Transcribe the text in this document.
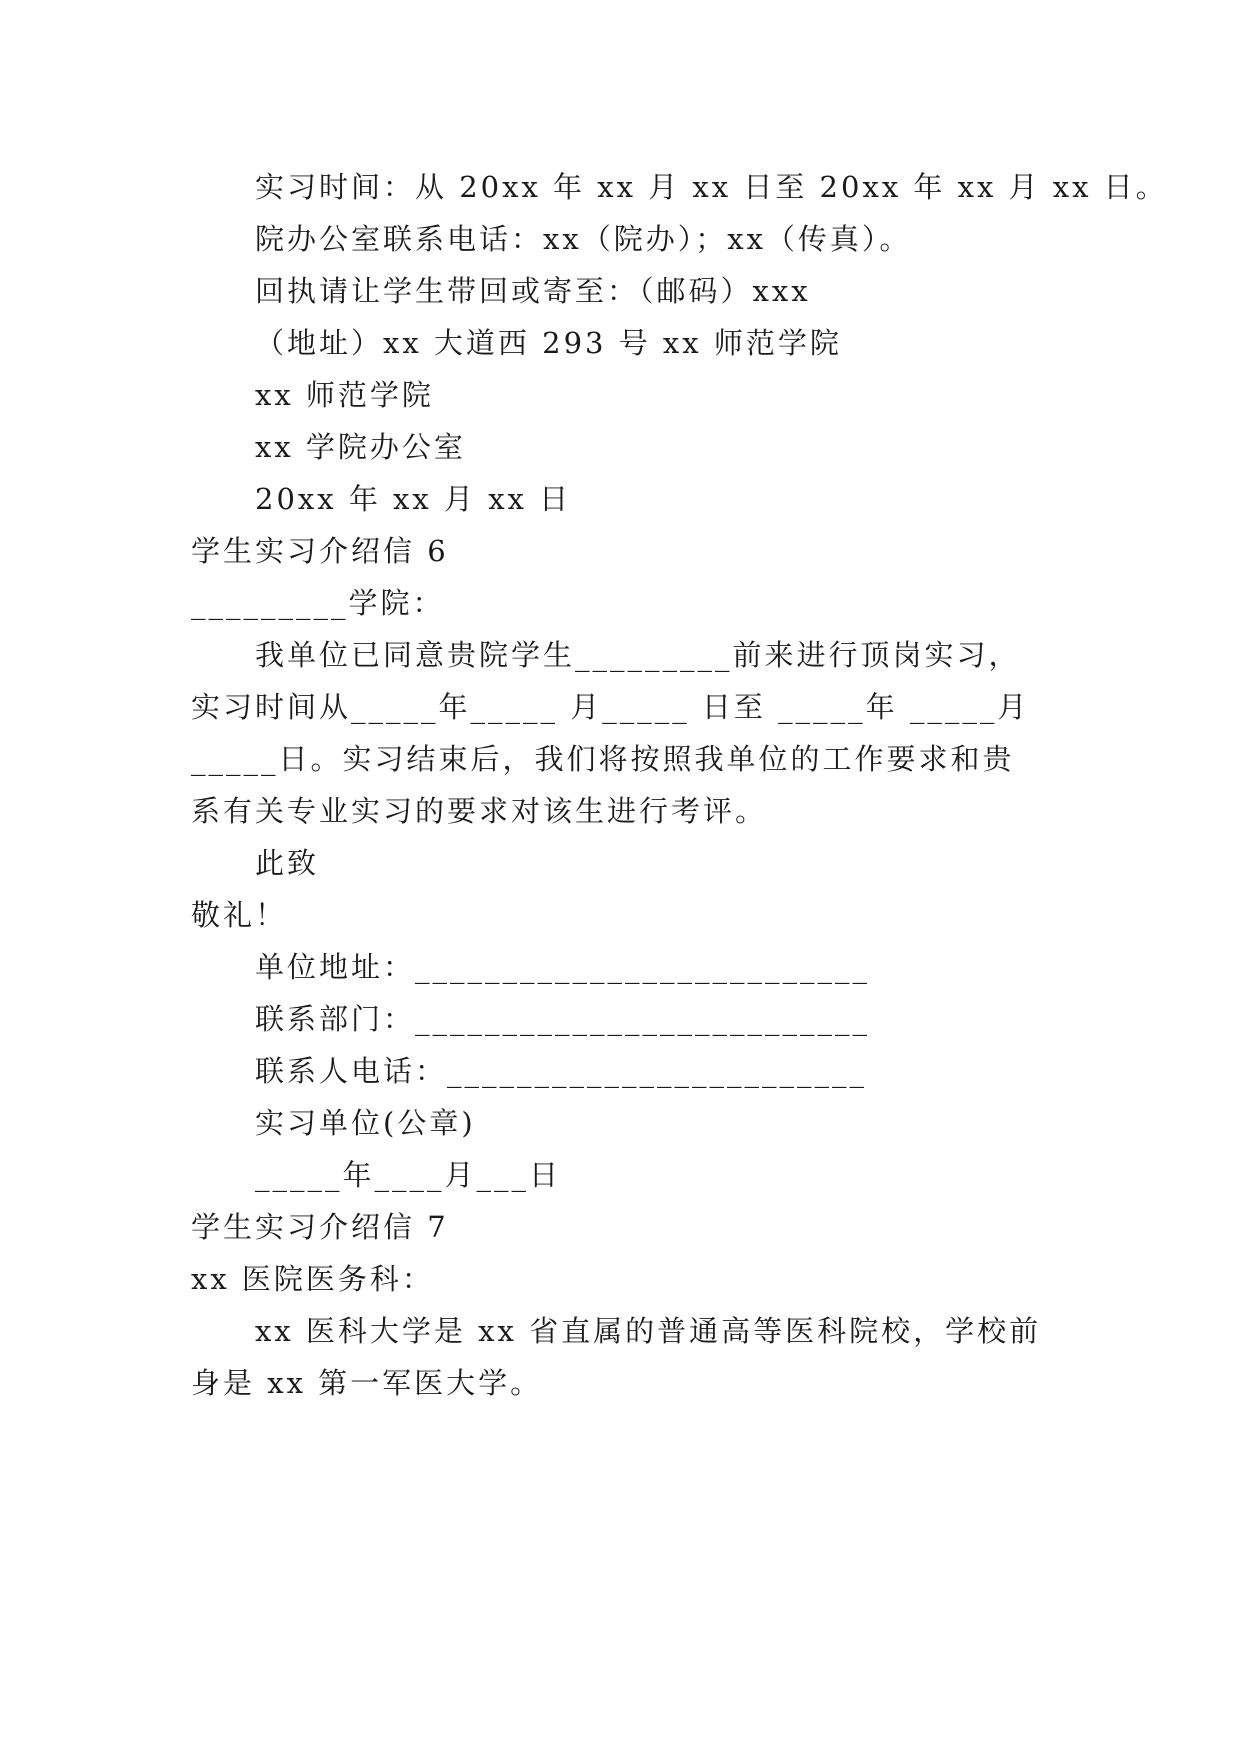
实习时间：从 20xx 年 xx 月 xx 日至 20xx 年 xx 月 xx 日。
院办公室联系电话：xx（院办）；xx（传真）。
回执请让学生带回或寄至：（邮码）xxx
（地址）xx 大道西 293 号 xx 师范学院
xx 师范学院
xx 学院办公室
20xx 年 xx 月 xx 日
学生实习介绍信 6
_________学院：
我单位已同意贵院学生_________前来进行顶岗实习，
实习时间从_____年_____ 月_____ 日至 _____年 _____月
_____日。实习结束后，我们将按照我单位的工作要求和贵
系有关专业实习的要求对该生进行考评。
此致
敬礼！
单位地址：__________________________
联系部门：__________________________
联系人电话：________________________
实习单位(公章)
_____年____月___日
学生实习介绍信 7
xx 医院医务科：
xx 医科大学是 xx 省直属的普通高等医科院校，学校前
身是 xx 第一军医大学。
